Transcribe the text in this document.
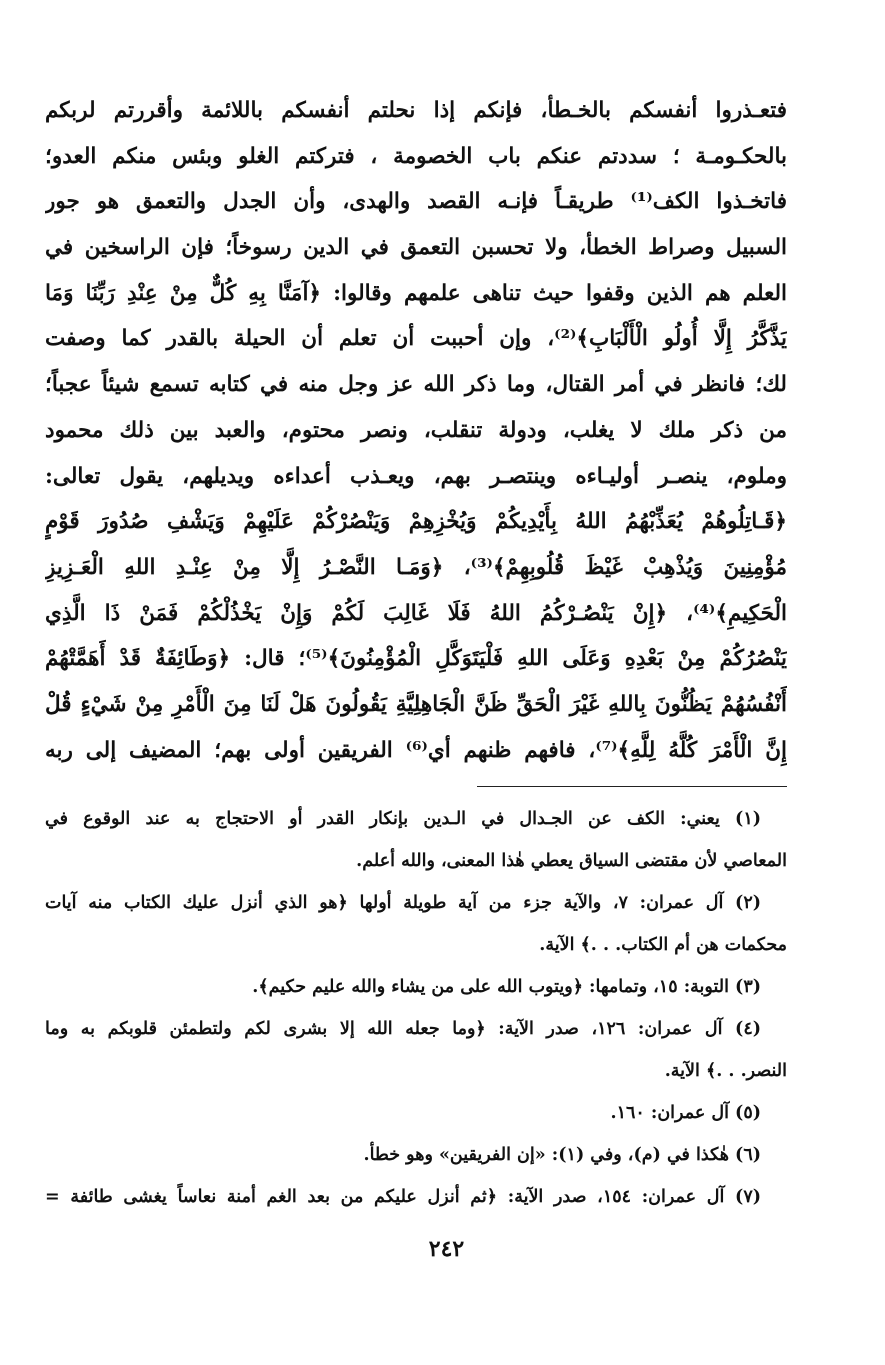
فتعـذروا أنفسكم بالخـطأ، فإنكم إذا نحلتم أنفسكم باللائمة وأقررتم لربكم
بالحكـومـة ؛ سددتم عنكم باب الخصومة ، فتركتم الغلو وبئس منكم العدو؛
فاتخـذوا الكف⁽¹⁾ طريقـاً فإنـه القصد والهدى، وأن الجدل والتعمق هو جور
السبيل وصراط الخطأ، ولا تحسبن التعمق في الدين رسوخاً؛ فإن الراسخين في
العلم هم الذين وقفوا حيث تناهى علمهم وقالوا: ﴿آمَنَّا بِهِ كُلٌّ مِنْ عِنْدِ رَبِّنَا وَمَا
يَذَّكَّرُ إِلَّا أُولُو الْأَلْبَابِ﴾⁽²⁾، وإن أحببت أن تعلم أن الحيلة بالقدر كما وصفت
لك؛ فانظر في أمر القتال، وما ذكر الله عز وجل منه في كتابه تسمع شيئاً عجباً؛
من ذكر ملك لا يغلب، ودولة تنقلب، ونصر محتوم، والعبد بين ذلك محمود
وملوم، ينصـر أوليـاءه وينتصـر بهم، ويعـذب أعداءه ويديلهم، يقول تعالى:
﴿قَـاتِلُوهُمْ يُعَذِّبْهُمُ اللهُ بِأَيْدِيكُمْ وَيُخْزِهِمْ وَيَنْصُرْكُمْ عَلَيْهِمْ وَيَشْفِ صُدُورَ قَوْمٍ
مُؤْمِنِينَ وَيُذْهِبْ غَيْظَ قُلُوبِهِمْ﴾⁽³⁾، ﴿وَمَـا النَّصْـرُ إِلَّا مِنْ عِنْـدِ اللهِ الْعَـزِيزِ
الْحَكِيمِ﴾⁽⁴⁾، ﴿إِنْ يَنْصُـرْكُمُ اللهُ فَلَا غَالِبَ لَكُمْ وَإِنْ يَخْذُلْكُمْ فَمَنْ ذَا الَّذِي
يَنْصُرُكُمْ مِنْ بَعْدِهِ وَعَلَى اللهِ فَلْيَتَوَكَّلِ الْمُؤْمِنُونَ﴾⁽⁵⁾؛ قال: ﴿وَطَائِفَةٌ قَدْ أَهَمَّتْهُمْ
أَنْفُسُهُمْ يَظُنُّونَ بِاللهِ غَيْرَ الْحَقِّ ظَنَّ الْجَاهِلِيَّةِ يَقُولُونَ هَلْ لَنَا مِنَ الْأَمْرِ مِنْ شَيْءٍ قُلْ
إِنَّ الْأَمْرَ كُلَّهُ لِلَّهِ﴾⁽⁷⁾، فافهم ظنهم أي⁽⁶⁾ الفريقين أولى بهم؛ المضيف إلى ربه
(١) يعني: الكف عن الجـدال في الـدين بإنكار القدر أو الاحتجاج به عند الوقوع في
المعاصي لأن مقتضى السياق يعطي هٰذا المعنى، والله أعلم.
(٢) آل عمران: ٧، والآية جزء من آية طويلة أولها ﴿هو الذي أنزل عليك الكتاب منه آيات
محكمات هن أم الكتاب. . .﴾ الآية.
(٣) التوبة: ١٥، وتمامها: ﴿ويتوب الله على من يشاء والله عليم حكيم﴾.
(٤) آل عمران: ١٢٦، صدر الآية: ﴿وما جعله الله إلا بشرى لكم ولتطمئن قلوبكم به وما
النصر. . .﴾ الآية.
(٥) آل عمران: ١٦٠.
(٦) هٰكذا في (م)، وفي (١): «إن الفريقين» وهو خطأ.
(٧) آل عمران: ١٥٤، صدر الآية: ﴿ثم أنزل عليكم من بعد الغم أمنة نعاساً يغشى طائفة =
٢٤٢
